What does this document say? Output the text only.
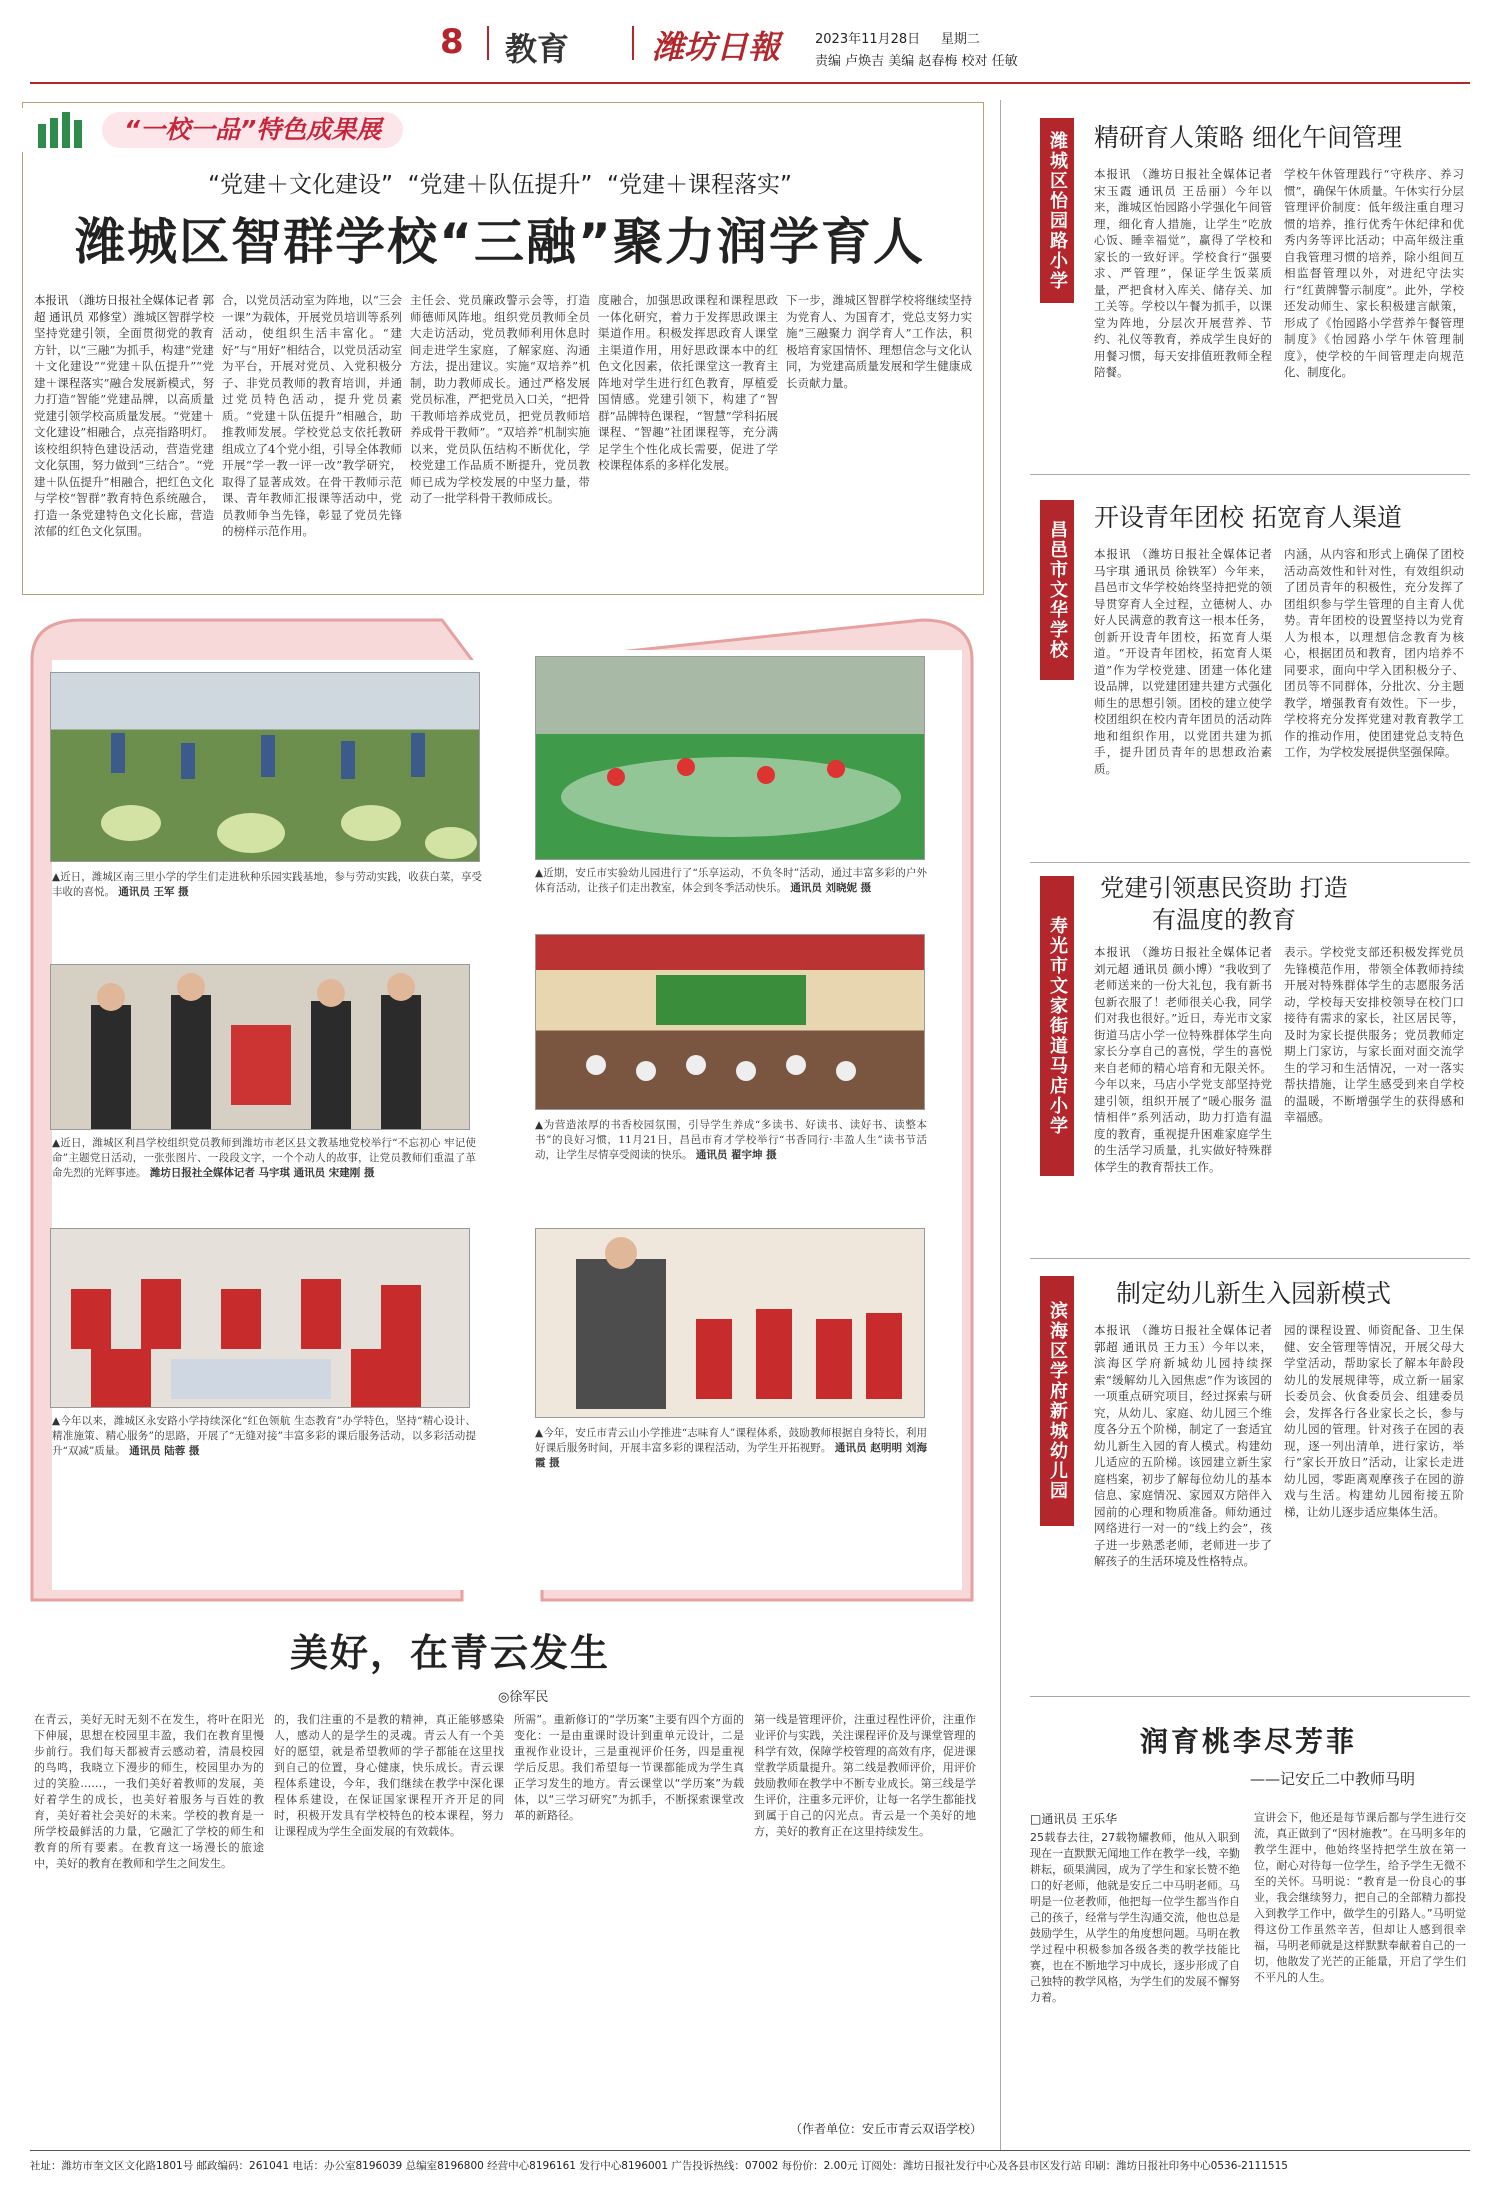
8 教育	潍坊日報	2023年11月28日 星期二
责编 卢焕吉 美编 赵春梅 校对 任敏
“一校一品”特色成果展
“党建＋文化建设”  “党建＋队伍提升”  “党建＋课程落实”
潍城区智群学校“三融”聚力润学育人
本报讯 （潍坊日报社全媒体记者 郭超 通讯员 邓修堂）潍城区智群学校坚持党建引领，全面贯彻党的教育方针，以“三融”为抓手，构建“党建＋文化建设”“党建＋队伍提升”“党建＋课程落实”融合发展新模式，努力打造“智能”党建品牌，以高质量党建引领学校高质量发展。“党建＋文化建设”相融合，点亮指路明灯。该校组织特色建设活动，营造党建文化氛围，努力做到“三结合”。“党建＋队伍提升”相融合，把红色文化与学校“智群”教育特色系统融合，打造一条党建特色文化长廊，营造浓郁的红色文化氛围。
合，以党员活动室为阵地，以“三会一课”为载体，开展党员培训等系列活动，使组织生活丰富化。“建好”与“用好”相结合，以党员活动室为平台，开展对党员、入党积极分子、非党员教师的教育培训，并通过党员特色活动，提升党员素质。“党建＋队伍提升”相融合，助推教师发展。学校党总支依托教研组成立了4个党小组，引导全体教师开展“学一教一评一改”教学研究，取得了显著成效。在骨干教师示范课、青年教师汇报课等活动中，党员教师争当先锋，彰显了党员先锋的榜样示范作用。
主任会、党员廉政警示会等，打造师德师风阵地。组织党员教师全员大走访活动，党员教师利用休息时间走进学生家庭，了解家庭、沟通方法，提出建议。实施“双培养”机制，助力教师成长。通过严格发展党员标准，严把党员入口关，“把骨干教师培养成党员，把党员教师培养成骨干教师”。“双培养”机制实施以来，党员队伍结构不断优化，学校党建工作品质不断提升，党员教师已成为学校发展的中坚力量，带动了一批学科骨干教师成长。
度融合，加强思政课程和课程思政一体化研究，着力于发挥思政课主渠道作用。积极发挥思政育人课堂主渠道作用，用好思政课本中的红色文化因素，依托课堂这一教育主阵地对学生进行红色教育，厚植爱国情感。党建引领下，构建了“智群”品牌特色课程，“智慧”学科拓展课程、“智趣”社团课程等，充分满足学生个性化成长需要，促进了学校课程体系的多样化发展。
下一步，潍城区智群学校将继续坚持为党育人、为国育才，党总支努力实施“三融聚力 润学育人”工作法，积极培育家国情怀、理想信念与文化认同，为党建高质量发展和学生健康成长贡献力量。
▲近日，潍城区南三里小学的学生们走进秋种乐园实践基地，参与劳动实践，收获白菜，享受丰收的喜悦。 通讯员 王军 摄
▲近期，安丘市实验幼儿园进行了“乐享运动，不负冬时”活动，通过丰富多彩的户外体育活动，让孩子们走出教室，体会到冬季活动快乐。 通讯员 刘晓妮 摄
▲近日，潍城区利昌学校组织党员教师到潍坊市老区县文教基地党校举行“不忘初心 牢记使命”主题党日活动，一张张图片、一段段文字，一个个动人的故事，让党员教师们重温了革命先烈的光辉事迹。 潍坊日报社全媒体记者 马宇琪 通讯员 宋建刚 摄
▲为营造浓厚的书香校园氛围，引导学生养成“多读书、好读书、读好书、读整本书”的良好习惯，11月21日，昌邑市育才学校举行“书香同行·丰盈人生”读书节活动，让学生尽情享受阅读的快乐。 通讯员 翟宇坤 摄
▲今年以来，潍城区永安路小学持续深化“红色领航 生态教育”办学特色，坚持“精心设计、精准施策、精心服务”的思路，开展了“无缝对接”丰富多彩的课后服务活动，以多彩活动提升“双减”质量。 通讯员 陆蓉 摄
▲今年，安丘市青云山小学推进“志味育人”课程体系，鼓励教师根据自身特长，利用好课后服务时间，开展丰富多彩的课程活动，为学生开拓视野。 通讯员 赵明明 刘海霞 摄
美好，在青云发生
◎徐军民
在青云，美好无时无刻不在发生，将叶在阳光下伸展，思想在校园里丰盈，我们在教育里慢步前行。我们每天都被青云感动着，清晨校园的鸟鸣，我晓立下漫步的师生，校园里办为的过的笑脸……，一我们美好着教师的发展，美好着学生的成长，也美好着服务与百姓的教育，美好着社会美好的未来。学校的教育是一所学校最鲜活的力量，它融汇了学校的师生和教育的所有要素。在教育这一场漫长的旅途中，美好的教育在教师和学生之间发生。
的，我们注重的不是教的精神，真正能够感染人，感动人的是学生的灵魂。青云人有一个美好的愿望，就是希望教师的学子都能在这里找到自己的位置，身心健康，快乐成长。青云课程体系建设，今年，我们继续在教学中深化课程体系建设，在保证国家课程开齐开足的同时，积极开发具有学校特色的校本课程，努力让课程成为学生全面发展的有效载体。
所需”。重新修订的“学历案”主要有四个方面的变化：一是由重课时设计到重单元设计，二是重视作业设计，三是重视评价任务，四是重视学后反思。我们希望每一节课都能成为学生真正学习发生的地方。青云课堂以“学历案”为载体，以“三学习研究”为抓手，不断探索课堂改革的新路径。
第一线是管理评价，注重过程性评价，注重作业评价与实践，关注课程评价及与课堂管理的科学有效，保障学校管理的高效有序，促进课堂教学质量提升。第二线是教师评价，用评价鼓励教师在教学中不断专业成长。第三线是学生评价，注重多元评价，让每一名学生都能找到属于自己的闪光点。青云是一个美好的地方，美好的教育正在这里持续发生。
（作者单位：安丘市青云双语学校）
潍城区怡园路小学 精研育人策略 细化午间管理
本报讯 （潍坊日报社全媒体记者 宋玉霞 通讯员 王岳丽）今年以来，潍城区怡园路小学强化午间管理，细化育人措施，让学生“吃放心饭、睡幸福觉”，赢得了学校和家长的一致好评。学校食行“强要求、严管理”，保证学生饭菜质量，严把食材入库关、储存关、加工关等。学校以午餐为抓手，以课堂为阵地，分层次开展营养、节约、礼仪等教育，养成学生良好的用餐习惯，每天安排值班教师全程陪餐。
学校午休管理践行“守秩序、养习惯”，确保午休质量。午休实行分层管理评价制度：低年级注重自理习惯的培养，推行优秀午休纪律和优秀内务等评比活动；中高年级注重自我管理习惯的培养，除小组间互相监督管理以外，对进纪守法实行“红黄牌警示制度”。此外，学校还发动师生、家长积极建言献策，形成了《怡园路小学营养午餐管理制度》《怡园路小学午休管理制度》，使学校的午间管理走向规范化、制度化。
昌邑市文华学校
开设青年团校 拓宽育人渠道
本报讯 （潍坊日报社全媒体记者 马宇琪 通讯员 徐铁军）今年来，昌邑市文华学校始终坚持把党的领导贯穿育人全过程，立德树人、办好人民满意的教育这一根本任务，创新开设青年团校，拓宽育人渠道。“开设青年团校，拓宽育人渠道”作为学校党建、团建一体化建设品牌，以党建团建共建方式强化师生的思想引领。团校的建立使学校团组织在校内青年团员的活动阵地和组织作用，以党团共建为抓手，提升团员青年的思想政治素质。
内涵，从内容和形式上确保了团校活动高效性和针对性，有效组织动了团员青年的积极性，充分发挥了团组织参与学生管理的自主育人优势。青年团校的设置坚持以为党育人为根本，以理想信念教育为核心，根据团员和教育，团内培养不同要求，面向中学入团积极分子、团员等不同群体，分批次、分主题教学，增强教育有效性。下一步，学校将充分发挥党建对教育教学工作的推动作用，使团建党总支特色工作，为学校发展提供坚强保障。
寿光市文家街道马店小学
党建引领惠民资助 打造有温度的教育
本报讯 （潍坊日报社全媒体记者 刘元超 通讯员 颜小博）“我收到了老师送来的一份大礼包，我有新书包新衣服了！老师很关心我，同学们对我也很好。”近日，寿光市文家街道马店小学一位特殊群体学生向家长分享自己的喜悦，学生的喜悦来自老师的精心培育和无限关怀。今年以来，马店小学党支部坚持党建引领，组织开展了“暖心服务 温情相伴”系列活动，助力打造有温度的教育，重视提升困难家庭学生的生活学习质量，扎实做好特殊群体学生的教育帮扶工作。
表示。学校党支部还积极发挥党员先锋模范作用，带领全体教师持续开展对特殊群体学生的志愿服务活动，学校每天安排校领导在校门口接待有需求的家长，社区居民等，及时为家长提供服务；党员教师定期上门家访，与家长面对面交流学生的学习和生活情况，一对一落实帮扶措施，让学生感受到来自学校的温暖，不断增强学生的获得感和幸福感。
滨海区学府新城幼儿园
制定幼儿新生入园新模式
本报讯 （潍坊日报社全媒体记者 郭超 通讯员 王力玉）今年以来，滨海区学府新城幼儿园持续探索“缓解幼儿入园焦虑”作为该园的一项重点研究项目，经过探索与研究，从幼儿、家庭、幼儿园三个维度各分五个阶梯，制定了一套适宜幼儿新生入园的育人模式。构建幼儿适应的五阶梯。该园建立新生家庭档案，初步了解每位幼儿的基本信息、家庭情况、家园双方陪伴入园前的心理和物质准备。师幼通过网络进行一对一的“线上约会”，孩子进一步熟悉老师，老师进一步了解孩子的生活环境及性格特点。
园的课程设置、师资配备、卫生保健、安全管理等情况，开展父母大学堂活动，帮助家长了解本年龄段幼儿的发展规律等，成立新一届家长委员会、伙食委员会、组建委员会，发挥各行各业家长之长，参与幼儿园的管理。针对孩子在园的表现，逐一列出清单，进行家访，举行“家长开放日”活动，让家长走进幼儿园，零距离观摩孩子在园的游戏与生活。构建幼儿园衔接五阶梯，让幼儿逐步适应集体生活。
润育桃李尽芳菲
——记安丘二中教师马明
□通讯员 王乐华
25载春去往，27载物耀教师，他从入职到现在一直默默无闻地工作在教学一线，辛勤耕耘，硕果满园，成为了学生和家长赞不绝口的好老师，他就是安丘二中马明老师。马明是一位老教师，他把每一位学生都当作自己的孩子，经常与学生沟通交流，他也总是鼓励学生，从学生的角度想问题。马明在教学过程中积极参加各级各类的教学技能比赛，也在不断地学习中成长，逐步形成了自己独特的教学风格，为学生们的发展不懈努力着。
宣讲会下，他还是每节课后都与学生进行交流，真正做到了“因材施教”。在马明多年的教学生涯中，他始终坚持把学生放在第一位，耐心对待每一位学生，给予学生无微不至的关怀。马明说：“教育是一份良心的事业，我会继续努力，把自己的全部精力都投入到教学工作中，做学生的引路人。”马明觉得这份工作虽然辛苦，但却让人感到很幸福，马明老师就是这样默默奉献着自己的一切，他散发了光芒的正能量，开启了学生们不平凡的人生。
社址：潍坊市奎文区文化路1801号 邮政编码：261041 电话：办公室8196039 总编室8196800 经营中心8196161 发行中心8196001 广告投诉热线：07002 每份价：2.00元 订阅处：潍坊日报社发行中心及各县市区发行站 印刷：潍坊日报社印务中心0536-2111515
